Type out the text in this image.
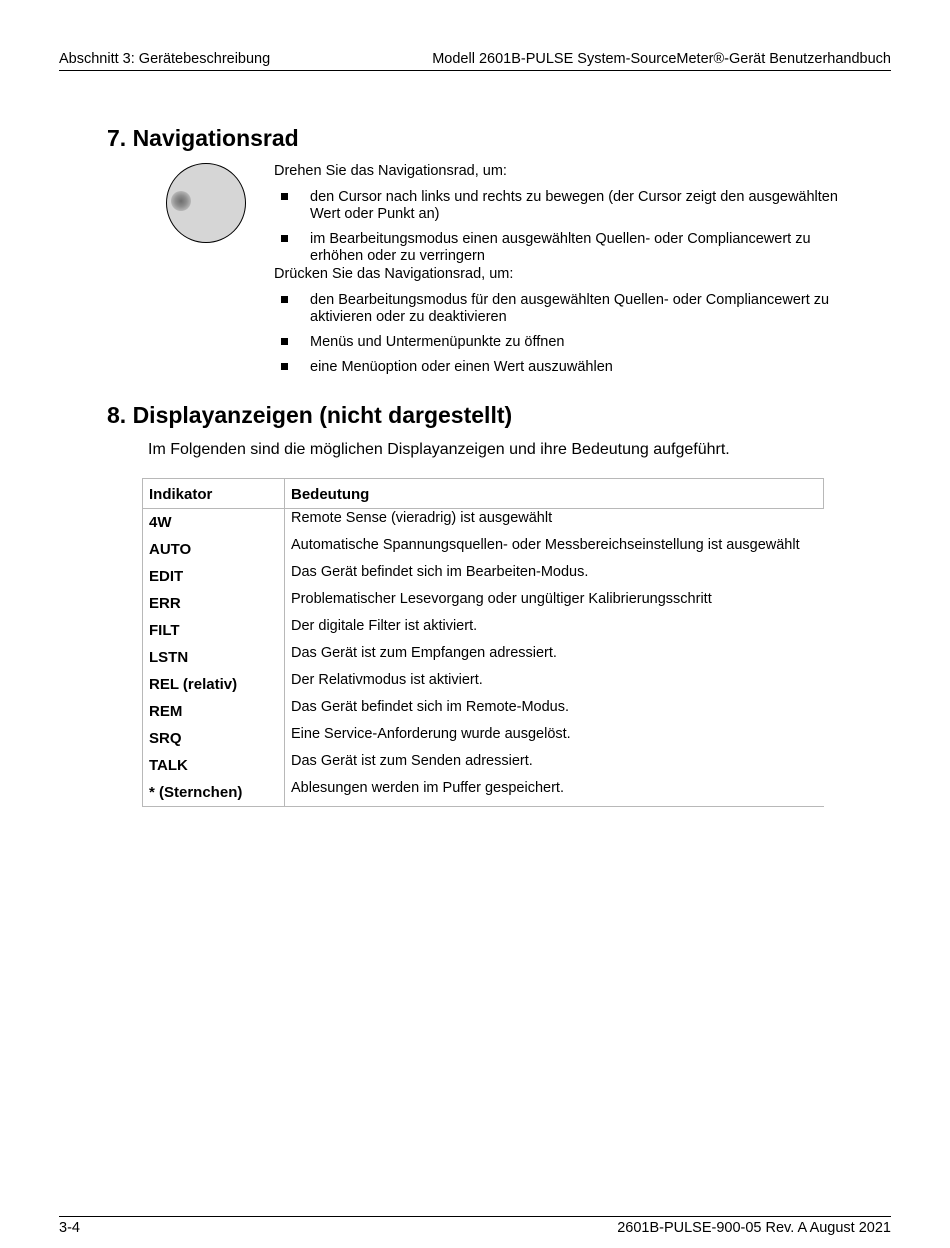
Abschnitt 3: Gerätebeschreibung	Modell 2601B-PULSE System-SourceMeter®-Gerät Benutzerhandbuch
7. Navigationsrad

Drehen Sie das Navigationsrad, um:

den Cursor nach links und rechts zu bewegen (der Cursor zeigt den ausgewählten Wert oder Punkt an)
im Bearbeitungsmodus einen ausgewählten Quellen- oder Compliancewert zu erhöhen oder zu verringern

Drücken Sie das Navigationsrad, um:

den Bearbeitungsmodus für den ausgewählten Quellen- oder Compliancewert zu aktivieren oder zu deaktivieren
Menüs und Untermenüpunkte zu öffnen
eine Menüoption oder einen Wert auszuwählen
8. Displayanzeigen (nicht dargestellt)
Im Folgenden sind die möglichen Displayanzeigen und ihre Bedeutung aufgeführt.
Indikator	Bedeutung
4W	Remote Sense (vieradrig) ist ausgewählt
AUTO	Automatische Spannungsquellen- oder Messbereichseinstellung ist ausgewählt
EDIT	Das Gerät befindet sich im Bearbeiten-Modus.
ERR	Problematischer Lesevorgang oder ungültiger Kalibrierungsschritt
FILT	Der digitale Filter ist aktiviert.
LSTN	Das Gerät ist zum Empfangen adressiert.
REL (relativ)	Der Relativmodus ist aktiviert.
REM	Das Gerät befindet sich im Remote-Modus.
SRQ	Eine Service-Anforderung wurde ausgelöst.
TALK	Das Gerät ist zum Senden adressiert.
* (Sternchen)	Ablesungen werden im Puffer gespeichert.
3-4	2601B-PULSE-900-05 Rev. A August 2021
